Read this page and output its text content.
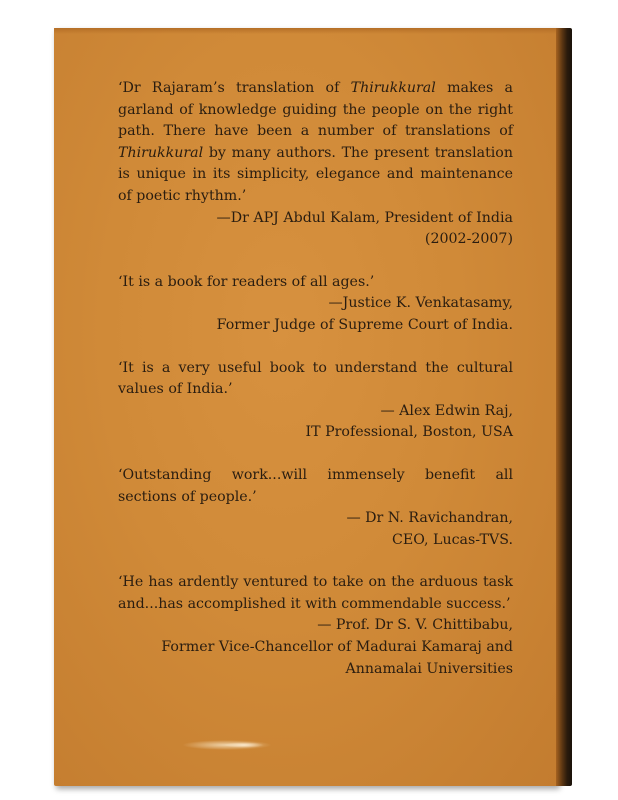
‘Dr Rajaram’s translation of Thirukkural makes a garland of knowledge guiding the people on the right path. There have been a number of translations of Thirukkural by many authors. The present translation is unique in its simplicity, elegance and maintenance of poetic rhythm.’

—Dr APJ Abdul Kalam, President of India

(2002-2007)

‘It is a book for readers of all ages.’

—Justice K. Venkatasamy,

Former Judge of Supreme Court of India.

‘It is a very useful book to understand the cultural values of India.’

— Alex Edwin Raj,

IT Professional, Boston, USA

‘Outstanding work...will immensely benefit all sections of people.’

— Dr N. Ravichandran,

CEO, Lucas-TVS.

‘He has ardently ventured to take on the arduous task and...has accomplished it with commendable success.’

— Prof. Dr S. V. Chittibabu,

Former Vice-Chancellor of Madurai Kamaraj and

Annamalai Universities
